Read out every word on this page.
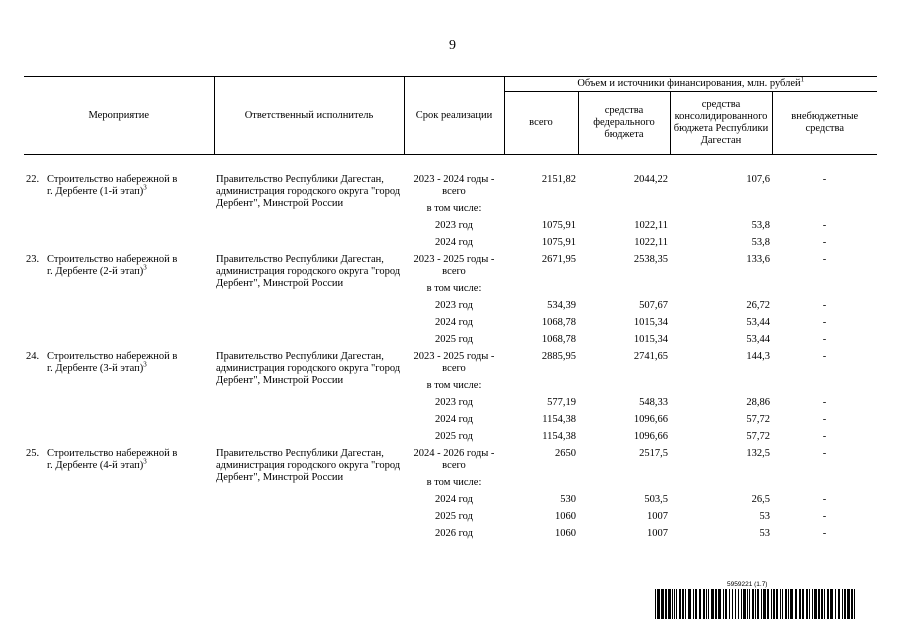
9
Мероприятие	Ответственный исполнитель	Срок реализации	Объем и источники финансирования, млн. рублей$^1$
			всего	средства федерального бюджета	средства консолидированного бюджета Республики Дагестан	внебюджетные средства

22. Строительство набережной в г. Дербенте (1-й этап)$^3$	Правительство Республики Дагестан, администрация городского округа "город Дербент", Минстрой России	2023 - 2024 годы - всего	2151,82	2044,22	107,6	-
		в том числе:				
		2023 год	1075,91	1022,11	53,8	-
		2024 год	1075,91	1022,11	53,8	-
23. Строительство набережной в г. Дербенте (2-й этап)$^3$	Правительство Республики Дагестан, администрация городского округа "город Дербент", Минстрой России	2023 - 2025 годы - всего	2671,95	2538,35	133,6	-
		в том числе:				
		2023 год	534,39	507,67	26,72	-
		2024 год	1068,78	1015,34	53,44	-
		2025 год	1068,78	1015,34	53,44	-
24. Строительство набережной в г. Дербенте (3-й этап)$^3$	Правительство Республики Дагестан, администрация городского округа "город Дербент", Минстрой России	2023 - 2025 годы - всего	2885,95	2741,65	144,3	-
		в том числе:				
		2023 год	577,19	548,33	28,86	-
		2024 год	1154,38	1096,66	57,72	-
		2025 год	1154,38	1096,66	57,72	-
25. Строительство набережной в г. Дербенте (4-й этап)$^3$	Правительство Республики Дагестан, администрация городского округа "город Дербент", Минстрой России	2024 - 2026 годы - всего	2650	2517,5	132,5	-
		в том числе:				
		2024 год	530	503,5	26,5	-
		2025 год	1060	1007	53	-
		2026 год	1060	1007	53	-
5959221 (1.7)
